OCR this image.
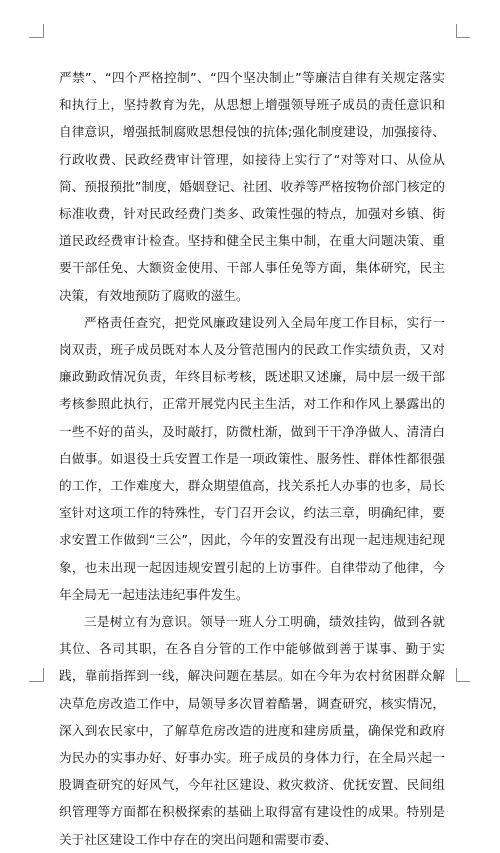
严禁”、“四个严格控制”、“四个坚决制止”等廉洁自律有关规定落实和执行上，坚持教育为先，从思想上增强领导班子成员的责任意识和自律意识，增强抵制腐败思想侵蚀的抗体;强化制度建设，加强接待、行政收费、民政经费审计管理，如接待上实行了“对等对口、从俭从简、预报预批”制度，婚姻登记、社团、收养等严格按物价部门核定的标准收费，针对民政经费门类多、政策性强的特点，加强对乡镇、街道民政经费审计检查。坚持和健全民主集中制，在重大问题决策、重要干部任免、大额资金使用、干部人事任免等方面，集体研究，民主决策，有效地预防了腐败的滋生。

严格责任查究，把党风廉政建设列入全局年度工作目标，实行一岗双责，班子成员既对本人及分管范围内的民政工作实绩负责，又对廉政勤政情况负责，年终目标考核，既述职又述廉，局中层一级干部考核参照此执行，正常开展党内民主生活，对工作和作风上暴露出的一些不好的苗头，及时敲打，防微杜渐，做到干干净净做人、清清白白做事。如退役士兵安置工作是一项政策性、服务性、群体性都很强的工作，工作难度大，群众期望值高，找关系托人办事的也多，局长室针对这项工作的特殊性，专门召开会议，约法三章，明确纪律，要求安置工作做到“三公”，因此，今年的安置没有出现一起违规违纪现象，也未出现一起因违规安置引起的上访事件。自律带动了他律，今年全局无一起违法违纪事件发生。

三是树立有为意识。领导一班人分工明确，绩效挂钩，做到各就其位、各司其职，在各自分管的工作中能够做到善于谋事、勤于实践，靠前指挥到一线，解决问题在基层。如在今年为农村贫困群众解决草危房改造工作中，局领导多次冒着酷暑，调查研究，核实情况，深入到农民家中，了解草危房改造的进度和建房质量，确保党和政府为民办的实事办好、好事办实。班子成员的身体力行，在全局兴起一股调查研究的好风气，今年社区建设、救灾救济、优抚安置、民间组织管理等方面都在积极探索的基础上取得富有建设性的成果。特别是关于社区建设工作中存在的突出问题和需要市委、
